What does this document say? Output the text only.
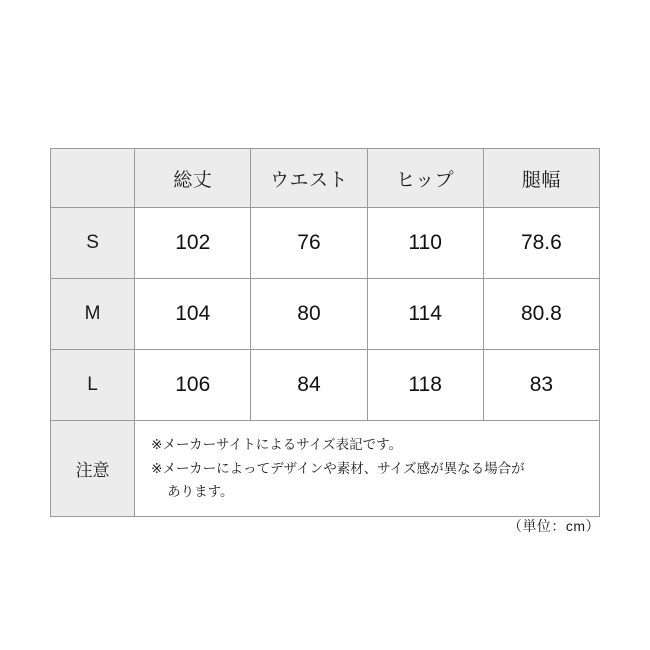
	総丈	ウエスト	ヒップ	腿幅
S	102	76	110	78.6
M	104	80	114	80.8
L	106	84	118	83
注意	※メーカーサイトによるサイズ表記です。
※メーカーによってデザインや素材、サイズ感が異なる場合が
あります。			
（単位：cm）
